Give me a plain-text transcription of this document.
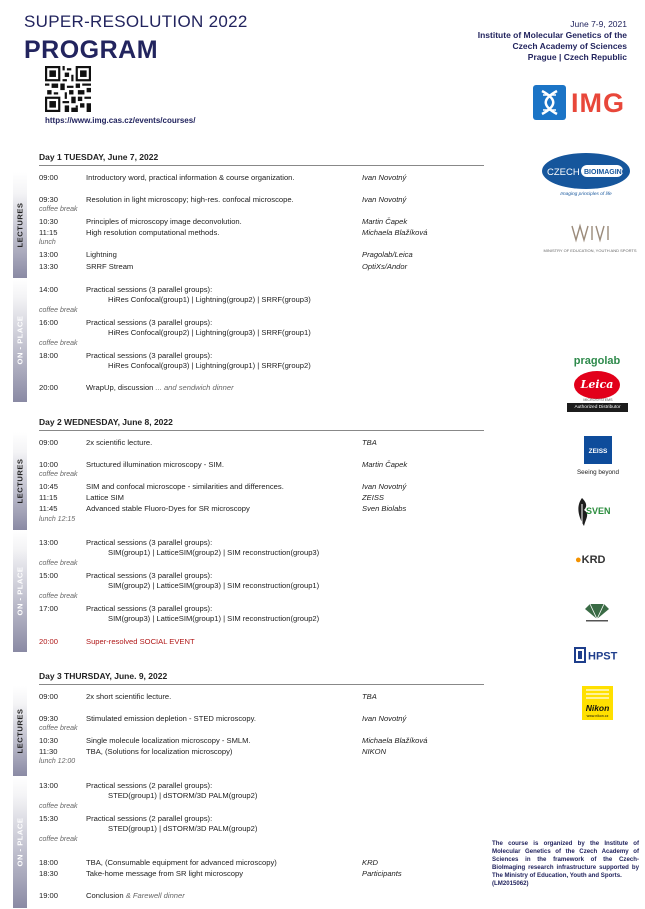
SUPER-RESOLUTION 2022
PROGRAM
https://www.img.cas.cz/events/courses/
June 7-9, 2021
Institute of Molecular Genetics of the
Czech Academy of Sciences
Prague | Czech Republic
IMG
CZECH BIOIMAGING
Imaging principles of life
MINISTRY OF EDUCATION, YOUTH AND SPORTS
pragolab
Leica
MICROSYSTEMS
Authorized Distributor
ZEISS
Seeing beyond
SVEN
●KRD
HPST
Nikon
www.nikon.cz
The course is organized by the Institute of Molecular Genetics of the Czech Academy of Sciences in the framework of the Czech-BioImaging research infrastructure supported by The Ministry of Education, Youth and Sports.
(LM2015062)
LECTURES
ON - PLACE
LECTURES
ON - PLACE
LECTURES
ON - PLACE
Day 1 TUESDAY, June 7, 2022
09:00	Introductory word, practical information & course organization.	Ivan Novotný
09:30	Resolution in light microscopy; high-res. confocal microscope.	Ivan Novotný
coffee break
10:30	Principles of microscopy image deconvolution.	Martin Čapek
11:15	High resolution computational methods.	Michaela Blažíková
lunch
13:00	Lightning	Pragolab/Leica
13:30	SRRF Stream	OptiXs/Andor
14:00	Practical sessions (3 parallel groups):
HiRes Confocal(group1) | Lightning(group2) | SRRF(group3)
coffee break
16:00	Practical sessions (3 parallel groups):
HiRes Confocal(group2) | Lightning(group3) | SRRF(group1)
coffee break
18:00	Practical sessions (3 parallel groups):
HiRes Confocal(group3) | Lightning(group1) | SRRF(group2)
20:00	WrapUp, discussion ... and sendwich dinner
Day 2 WEDNESDAY, June 8, 2022
09:00	2x scientific lecture.	TBA
10:00	Srtuctured illumination microscopy - SIM.	Martin Čapek
coffee break
10:45	SIM and confocal microscope - similarities and differences.	Ivan Novotný
11:15	Lattice SIM	ZEISS
11:45	Advanced stable Fluoro-Dyes for SR microscopy	Sven Biolabs
lunch 12:15
13:00	Practical sessions (3 parallel groups):
SIM(group1) | LatticeSIM(group2) | SIM reconstruction(group3)
coffee break
15:00	Practical sessions (3 parallel groups):
SIM(group2) | LatticeSIM(group3) | SIM reconstruction(group1)
coffee break
17:00	Practical sessions (3 parallel groups):
SIM(group3) | LatticeSIM(group1) | SIM reconstruction(group2)
20:00	Super-resolved SOCIAL EVENT
Day 3 THURSDAY, June. 9, 2022
09:00	2x short scientific lecture.	TBA
09:30	Stimulated emission depletion - STED microscopy.	Ivan Novotný
coffee break
10:30	Single molecule localization microscopy - SMLM.	Michaela Blažíková
11:30	TBA, (Solutions for localization microscopy)	NIKON
lunch 12:00
13:00	Practical sessions (2 parallel groups):
STED(group1) | dSTORM/3D PALM(group2)
coffee break
15:30	Practical sessions (2 parallel groups):
STED(group1) | dSTORM/3D PALM(group2)
coffee break
18:00	TBA, (Consumable equipment for advanced microscopy)	KRD
18:30	Take-home message from SR light microscopy	Participants
19:00	Conclusion & Farewell dinner
